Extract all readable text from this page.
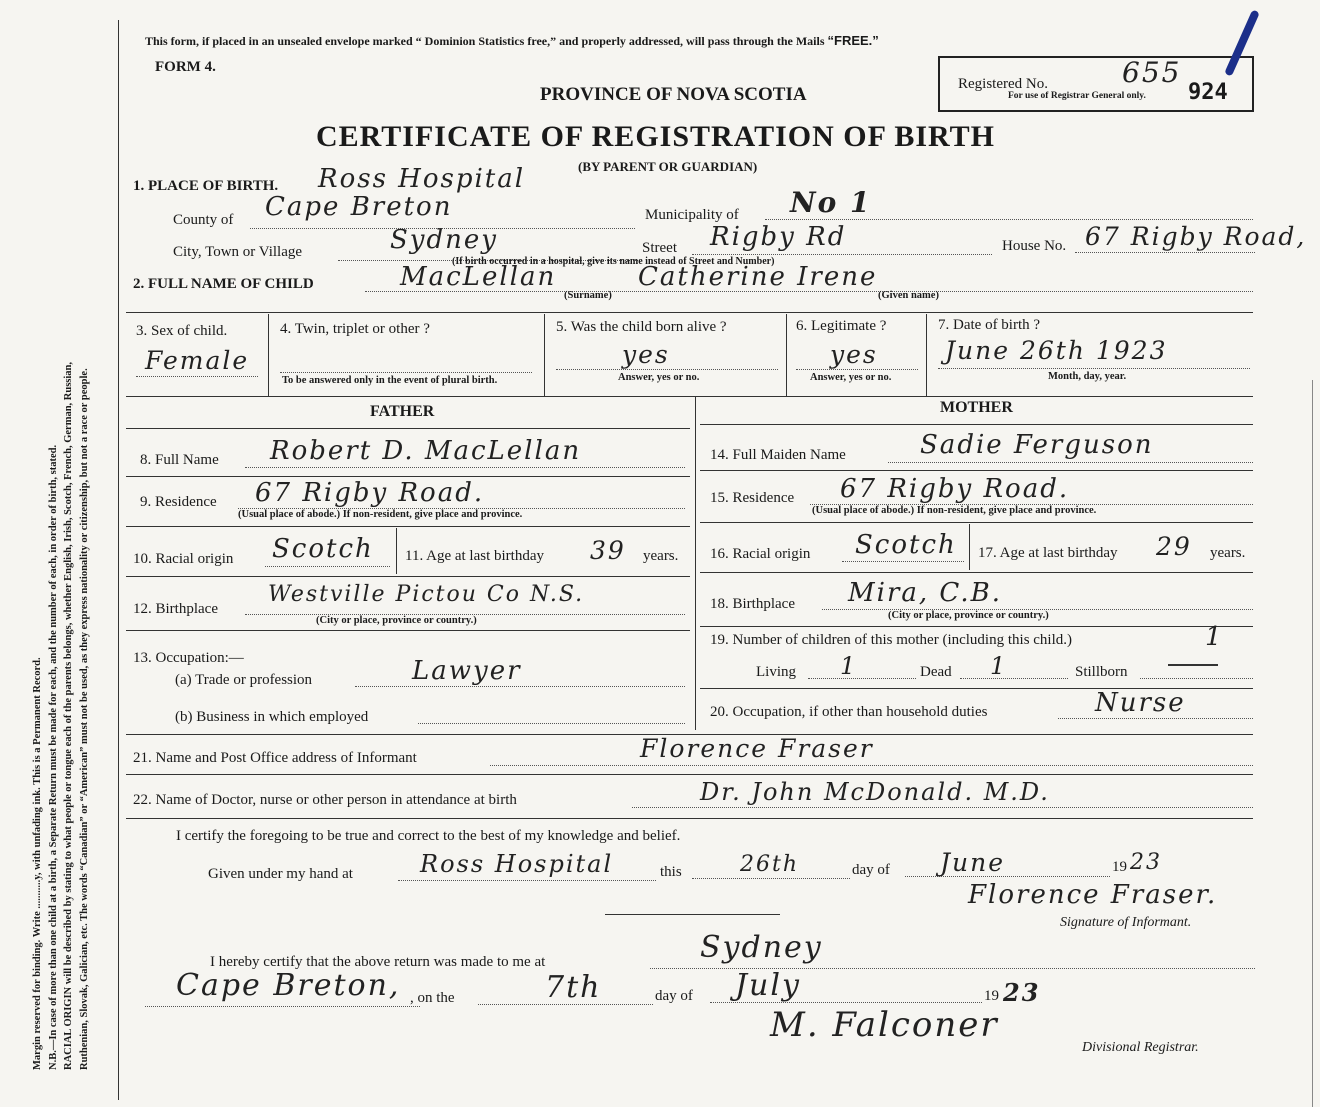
Margin reserved for binding. Write ...........y, with unfading ink. This is a Permanent Record. N.B.—In case of more than one child at a birth, a Separate Return must be made for each, and the number of each, in order of birth, stated. RACIAL ORIGIN will be described by stating to what people or tongue each of the parents belongs, whether English, Irish, Scotch, French, German, Russian, Ruthenian, Slovak, Galician, etc. The words “Canadian” or “American” must not be used, as they express nationality or citizenship, but not a race or people.
This form, if placed in an unsealed envelope marked “ Dominion Statistics free,” and properly addressed, will pass through the Mails “FREE.”
FORM 4.
PROVINCE OF NOVA SCOTIA
CERTIFICATE OF REGISTRATION OF BIRTH
(BY PARENT OR GUARDIAN)
Registered No.
For use of Registrar General only.
655
924
1. PLACE OF BIRTH. Ross Hospital
County of Cape Breton	Municipality of No 1
City, Town or Village	Sydney	Street Rigby Rd
(If birth occurred in a hospital, give its name instead of Street and Number)
House No. 67 Rigby Road,
2. FULL NAME OF CHILD	MacLellan
(Surname)
Catherine Irene
(Given name)
3. Sex of child.
Female
4. Twin, triplet or other ?
To be answered only in the event of plural birth.
5. Was the child born alive ?
yes
Answer, yes or no.
6. Legitimate ?
yes
Answer, yes or no.
7. Date of birth ?
June 26th 1923
Month, day, year.
FATHER	MOTHER
8. Full Name Robert D. MacLellan
9. Residence 67 Rigby Road.
(Usual place of abode.) If non-resident, give place and province.
10. Racial origin Scotch 11. Age at last birthday 39 years.
12. Birthplace
Westville Pictou Co N.S.
(City or place, province or country.)
13. Occupation:—
(a) Trade or profession	Lawyer
(b) Business in which employed
14. Full Maiden Name	Sadie Ferguson
15. Residence 67 Rigby Road.
(Usual place of abode.) If non-resident, give place and province.
16. Racial origin Scotch 17. Age at last birthday 29 years.
18. Birthplace Mira, C.B.
(City or place, province or country.)
19. Number of children of this mother (including this child.)	1
Living 1	Dead 1	Stillborn
20. Occupation, if other than household duties	Nurse
21. Name and Post Office address of Informant	Florence Fraser
22. Name of Doctor, nurse or other person in attendance at birth	Dr. John McDonald. M.D.
I certify the foregoing to be true and correct to the best of my knowledge and belief.
Given under my hand at	Ross Hospital	this	26th	day of June	19 23
Florence Fraser.
Signature of Informant.
I hereby certify that the above return was made to me at	Sydney
Cape Breton, , on the	7th	day of July	19 23
M. Falconer
Divisional Registrar.
